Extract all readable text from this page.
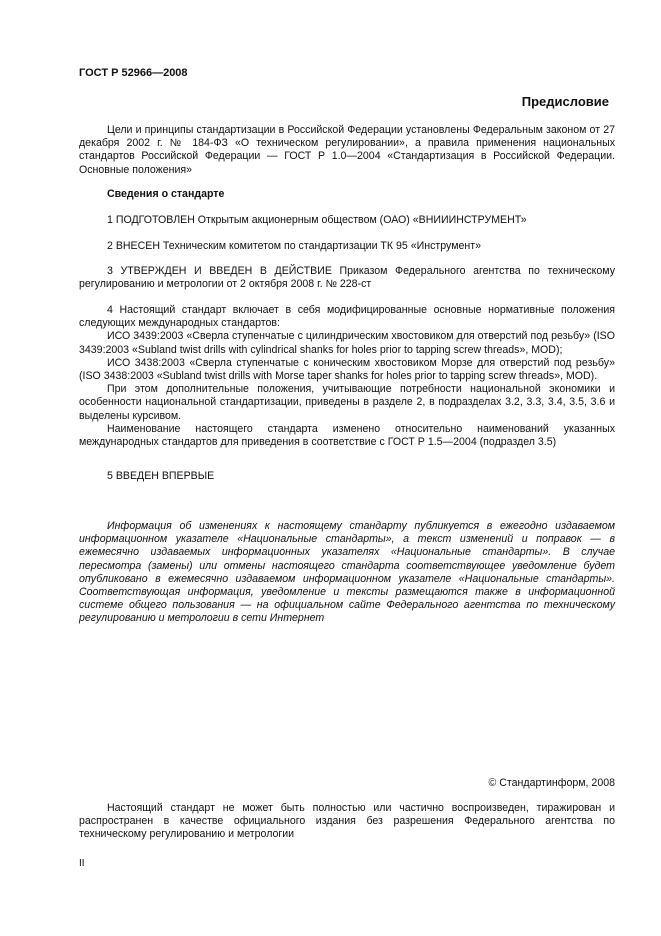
ГОСТ Р 52966—2008
Предисловие

Цели и принципы стандартизации в Российской Федерации установлены Федеральным законом от 27 декабря 2002 г. № 184-ФЗ «О техническом регулировании», а правила применения национальных стандартов Российской Федерации — ГОСТ Р 1.0—2004 «Стандартизация в Российской Федерации. Основные положения»

Сведения о стандарте

1 ПОДГОТОВЛЕН Открытым акционерным обществом (ОАО) «ВНИИИНСТРУМЕНТ»

2 ВНЕСЕН Техническим комитетом по стандартизации ТК 95 «Инструмент»

3 УТВЕРЖДЕН И ВВЕДЕН В ДЕЙСТВИЕ Приказом Федерального агентства по техническому регулированию и метрологии от 2 октября 2008 г. № 228-ст

4 Настоящий стандарт включает в себя модифицированные основные нормативные положения следующих международных стандартов:

ИСО 3439:2003 «Сверла ступенчатые с цилиндрическим хвостовиком для отверстий под резьбу» (ISO 3439:2003 «Subland twist drills with cylindrical shanks for holes prior to tapping screw threads», MOD);

ИСО 3438:2003 «Сверла ступенчатые с коническим хвостовиком Морзе для отверстий под резьбу» (ISO 3438:2003 «Subland twist drills with Morse taper shanks for holes prior to tapping screw threads», MOD).

При этом дополнительные положения, учитывающие потребности национальной экономики и особенности национальной стандартизации, приведены в разделе 2, в подразделах 3.2, 3.3, 3.4, 3.5, 3.6 и выделены курсивом.

Наименование настоящего стандарта изменено относительно наименований указанных международных стандартов для приведения в соответствие с ГОСТ Р 1.5—2004 (подраздел 3.5)

5 ВВЕДЕН ВПЕРВЫЕ

Информация об изменениях к настоящему стандарту публикуется в ежегодно издаваемом информационном указателе «Национальные стандарты», а текст изменений и поправок — в ежемесячно издаваемых информационных указателях «Национальные стандарты». В случае пересмотра (замены) или отмены настоящего стандарта соответствующее уведомление будет опубликовано в ежемесячно издаваемом информационном указателе «Национальные стандарты». Соответствующая информация, уведомление и тексты размещаются также в информационной системе общего пользования — на официальном сайте Федерального агентства по техническому регулированию и метрологии в сети Интернет

© Стандартинформ, 2008

Настоящий стандарт не может быть полностью или частично воспроизведен, тиражирован и распространен в качестве официального издания без разрешения Федерального агентства по техническому регулированию и метрологии

II
